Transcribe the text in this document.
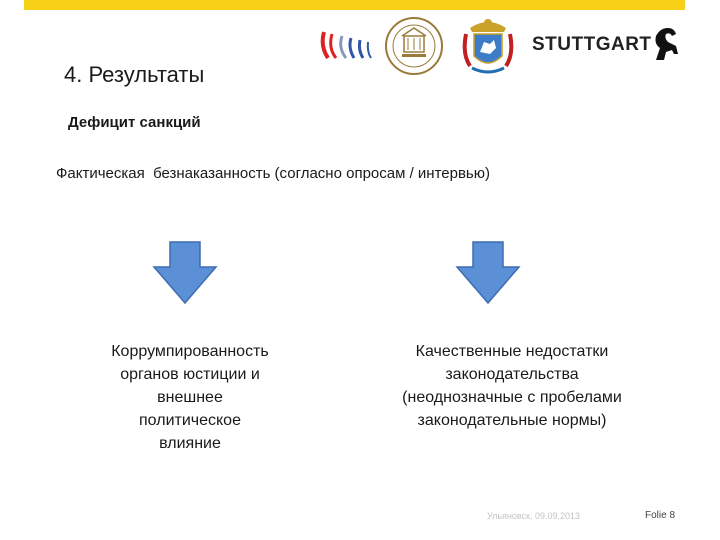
STUTTGART
4. Результаты
Дефицит санкций
Фактическая  безнаказанность (согласно опросам / интервью)
Коррумпированность
органов юстиции и
внешнее
политическое
влияние
Качественные недостатки
законодательства
(неоднозначные с пробелами
законодательные нормы)
Ульяновск, 09.09.2013	Folie 8
